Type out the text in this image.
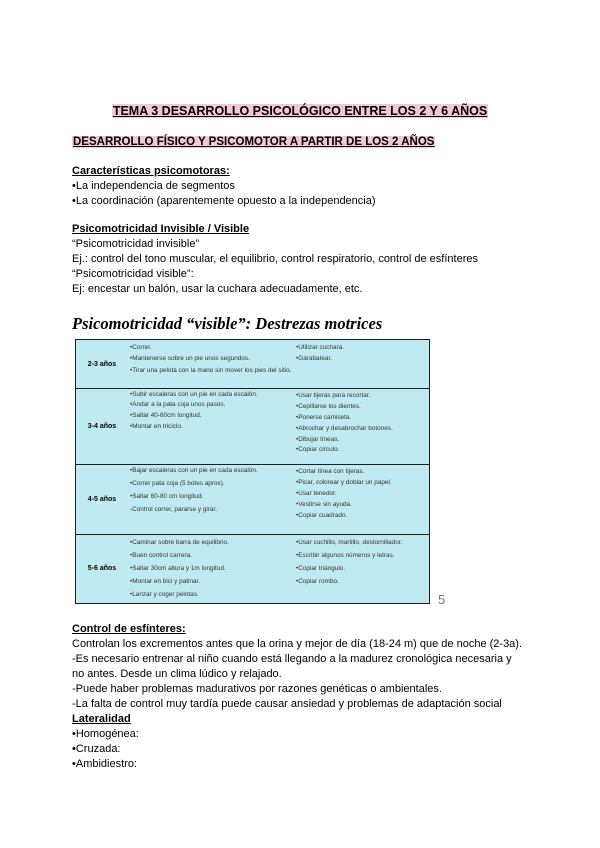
TEMA 3 DESARROLLO PSICOLÓGICO ENTRE LOS 2 Y 6 AÑOS
DESARROLLO FÍSICO Y PSICOMOTOR A PARTIR DE LOS 2 AÑOS
Características psicomotoras:
• La independencia de segmentos
• La coordinación (aparentemente opuesto a la independencia)
Psicomotricidad Invisible / Visible
“Psicomotricidad invisible”
Ej.: control del tono muscular, el equilibrio, control respiratorio, control de esfínteres
“Psicomotricidad visible”:
Ej: encestar un balón, usar la cuchara adecuadamente, etc.
Psicomotricidad “visible”: Destrezas motrices
2-3 años
• Correr.
• Mantenerse sobre un pie unos segundos.
• Tirar una pelota con la mano sin mover los pies del sitio.
• Utilizar cuchara.
• Garabatear.
3-4 años
• Subir escaleras con un pie en cada escalón.
• Andar a la pata coja unos pasos.
• Saltar 40-60cm longitud.
• Montar en triciclo.
• Usar tijeras para recortar.
• Cepillarse los dientes.
• Ponerse camiseta.
• Abrochar y desabrochar botones.
• Dibujar líneas.
• Copiar círculo.
4-5 años
• Bajar escaleras con un pie en cada escalón.
• Correr pata coja (5 botes aprox).
• Saltar 60-80 cm longitud.
-Control correr, pararse y girar.
• Cortar línea con tijeras.
• Picar, colorear y doblar un papel.
• Usar tenedor.
• Vestirse sin ayuda.
• Copiar cuadrado.
5-6 años
• Caminar sobre barra de equilibrio.
• Buen control carrera.
• Saltar 30cm altura y 1m longitud.
• Montar en bici y patinar.
• Lanzar y coger pelotas.
• Usar cuchillo, martillo, destornillador.
• Escribir algunos números y letras.
• Copiar triángulo.
• Copiar rombo.
5
Control de esfínteres:
Controlan los excrementos antes que la orina y mejor de día (18-24 m) que de noche (2-3a).
-Es necesario entrenar al niño cuando está llegando a la madurez cronológica necesaria y
no antes. Desde un clima lúdico y relajado.
-Puede haber problemas madurativos por razones genéticas o ambientales.
-La falta de control muy tardía puede causar ansiedad y problemas de adaptación social
Lateralidad
• Homogénea:
• Cruzada:
• Ambidiestro:
